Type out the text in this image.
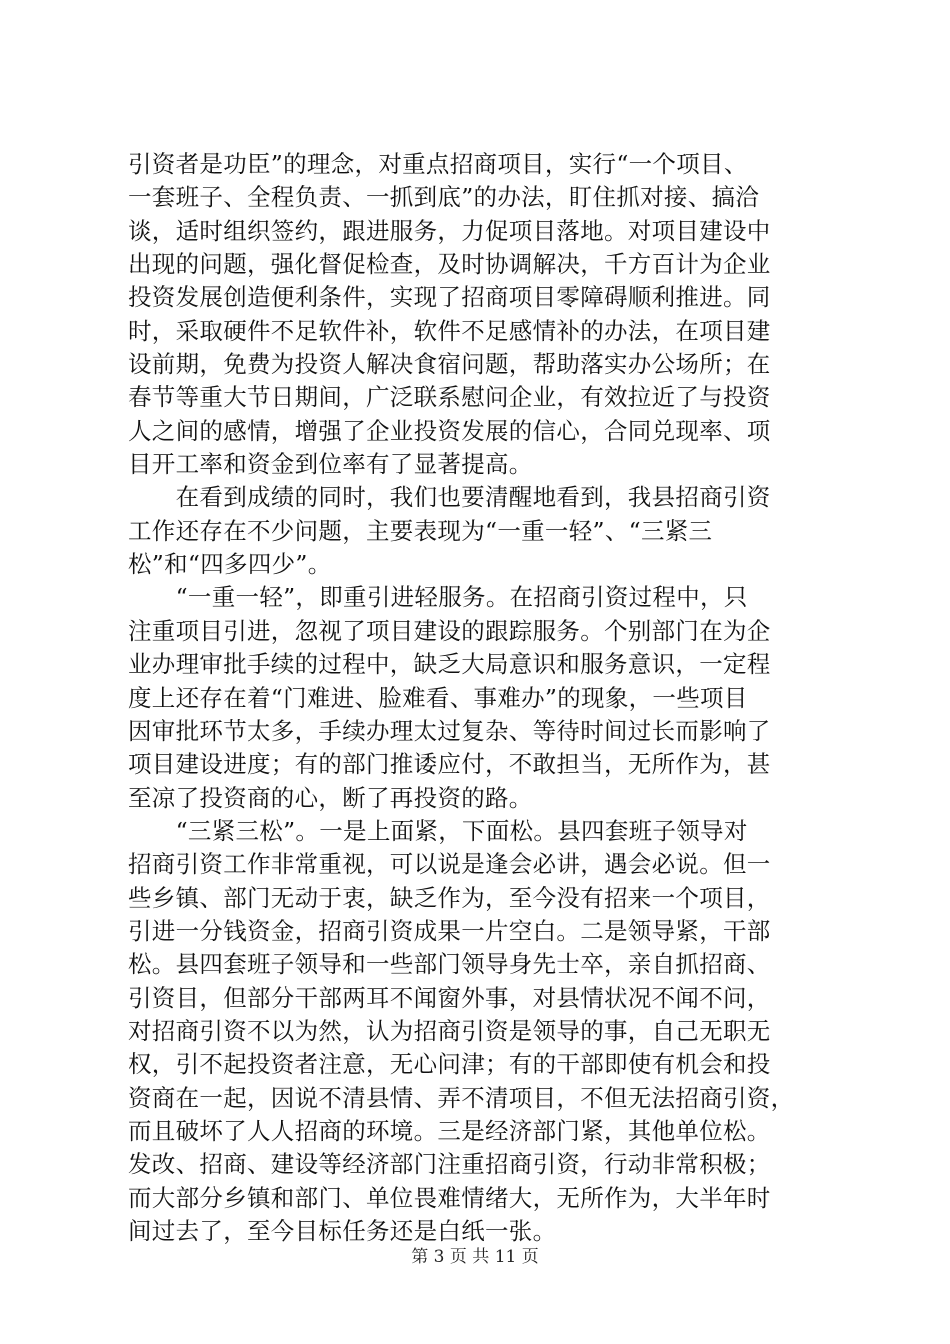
引资者是功臣”的理念，对重点招商项目，实行“一个项目、
一套班子、全程负责、一抓到底”的办法，盯住抓对接、搞洽
谈，适时组织签约，跟进服务，力促项目落地。对项目建设中
出现的问题，强化督促检查，及时协调解决，千方百计为企业
投资发展创造便利条件，实现了招商项目零障碍顺利推进。同
时，采取硬件不足软件补，软件不足感情补的办法，在项目建
设前期，免费为投资人解决食宿问题，帮助落实办公场所；在
春节等重大节日期间，广泛联系慰问企业，有效拉近了与投资
人之间的感情，增强了企业投资发展的信心，合同兑现率、项
目开工率和资金到位率有了显著提高。
　　在看到成绩的同时，我们也要清醒地看到，我县招商引资
工作还存在不少问题，主要表现为“一重一轻”、“三紧三
松”和“四多四少”。
　　“一重一轻”，即重引进轻服务。在招商引资过程中，只
注重项目引进，忽视了项目建设的跟踪服务。个别部门在为企
业办理审批手续的过程中，缺乏大局意识和服务意识，一定程
度上还存在着“门难进、脸难看、事难办”的现象，一些项目
因审批环节太多，手续办理太过复杂、等待时间过长而影响了
项目建设进度；有的部门推诿应付，不敢担当，无所作为，甚
至凉了投资商的心，断了再投资的路。
　　“三紧三松”。一是上面紧，下面松。县四套班子领导对
招商引资工作非常重视，可以说是逢会必讲，遇会必说。但一
些乡镇、部门无动于衷，缺乏作为，至今没有招来一个项目，
引进一分钱资金，招商引资成果一片空白。二是领导紧，干部
松。县四套班子领导和一些部门领导身先士卒，亲自抓招商、
引资目，但部分干部两耳不闻窗外事，对县情状况不闻不问，
对招商引资不以为然，认为招商引资是领导的事，自己无职无
权，引不起投资者注意，无心问津；有的干部即使有机会和投
资商在一起，因说不清县情、弄不清项目，不但无法招商引资，
而且破坏了人人招商的环境。三是经济部门紧，其他单位松。
发改、招商、建设等经济部门注重招商引资，行动非常积极；
而大部分乡镇和部门、单位畏难情绪大，无所作为，大半年时
间过去了，至今目标任务还是白纸一张。
第 3 页 共 11 页
